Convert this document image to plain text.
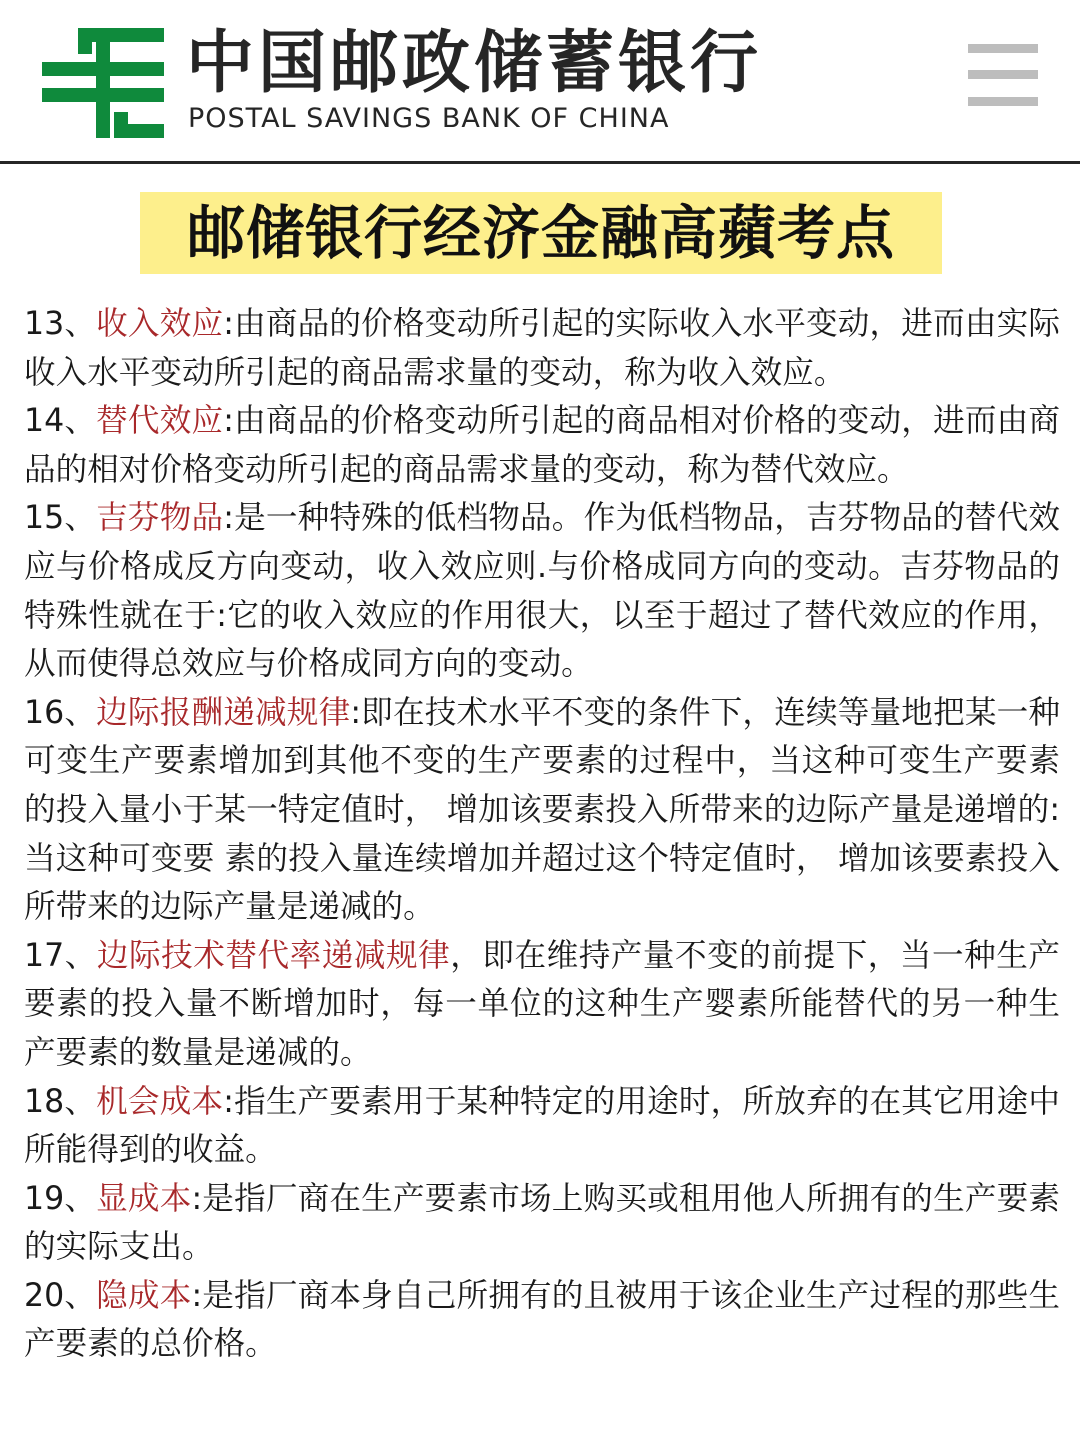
中国邮政储蓄银行
POSTAL SAVINGS BANK OF CHINA
邮储银行经济金融高蘋考点

13、收入效应:由商品的价格变动所引起的实际收入水平变动，进而由实际收入水平变动所引起的商品需求量的变动，称为收入效应。

14、替代效应:由商品的价格变动所引起的商品相对价格的变动，进而由商品的相对价格变动所引起的商品需求量的变动，称为替代效应。

15、吉芬物品:是一种特殊的低档物品。作为低档物品，吉芬物品的替代效应与价格成反方向变动，收入效应则.与价格成同方向的变动。吉芬物品的特殊性就在于:它的收入效应的作用很大，以至于超过了替代效应的作用，从而使得总效应与价格成同方向的变动。

16、边际报酬递减规律:即在技术水平不变的条件下，连续等量地把某一种可变生产要素增加到其他不变的生产要素的过程中，当这种可变生产要素的投入量小于某一特定值时， 增加该要素投入所带来的边际产量是递增的:当这种可变要 素的投入量连续增加并超过这个特定值时， 增加该要素投入所带来的边际产量是递减的。

17、边际技术替代率递减规律，即在维持产量不变的前提下，当一种生产要素的投入量不断增加时，每一单位的这种生产婴素所能替代的另一种生产要素的数量是递减的。

18、机会成本:指生产要素用于某种特定的用途时，所放弃的在其它用途中所能得到的收益。

19、显成本:是指厂商在生产要素市场上购买或租用他人所拥有的生产要素的实际支出。

20、隐成本:是指厂商本身自己所拥有的且被用于该企业生产过程的那些生产要素的总价格。
